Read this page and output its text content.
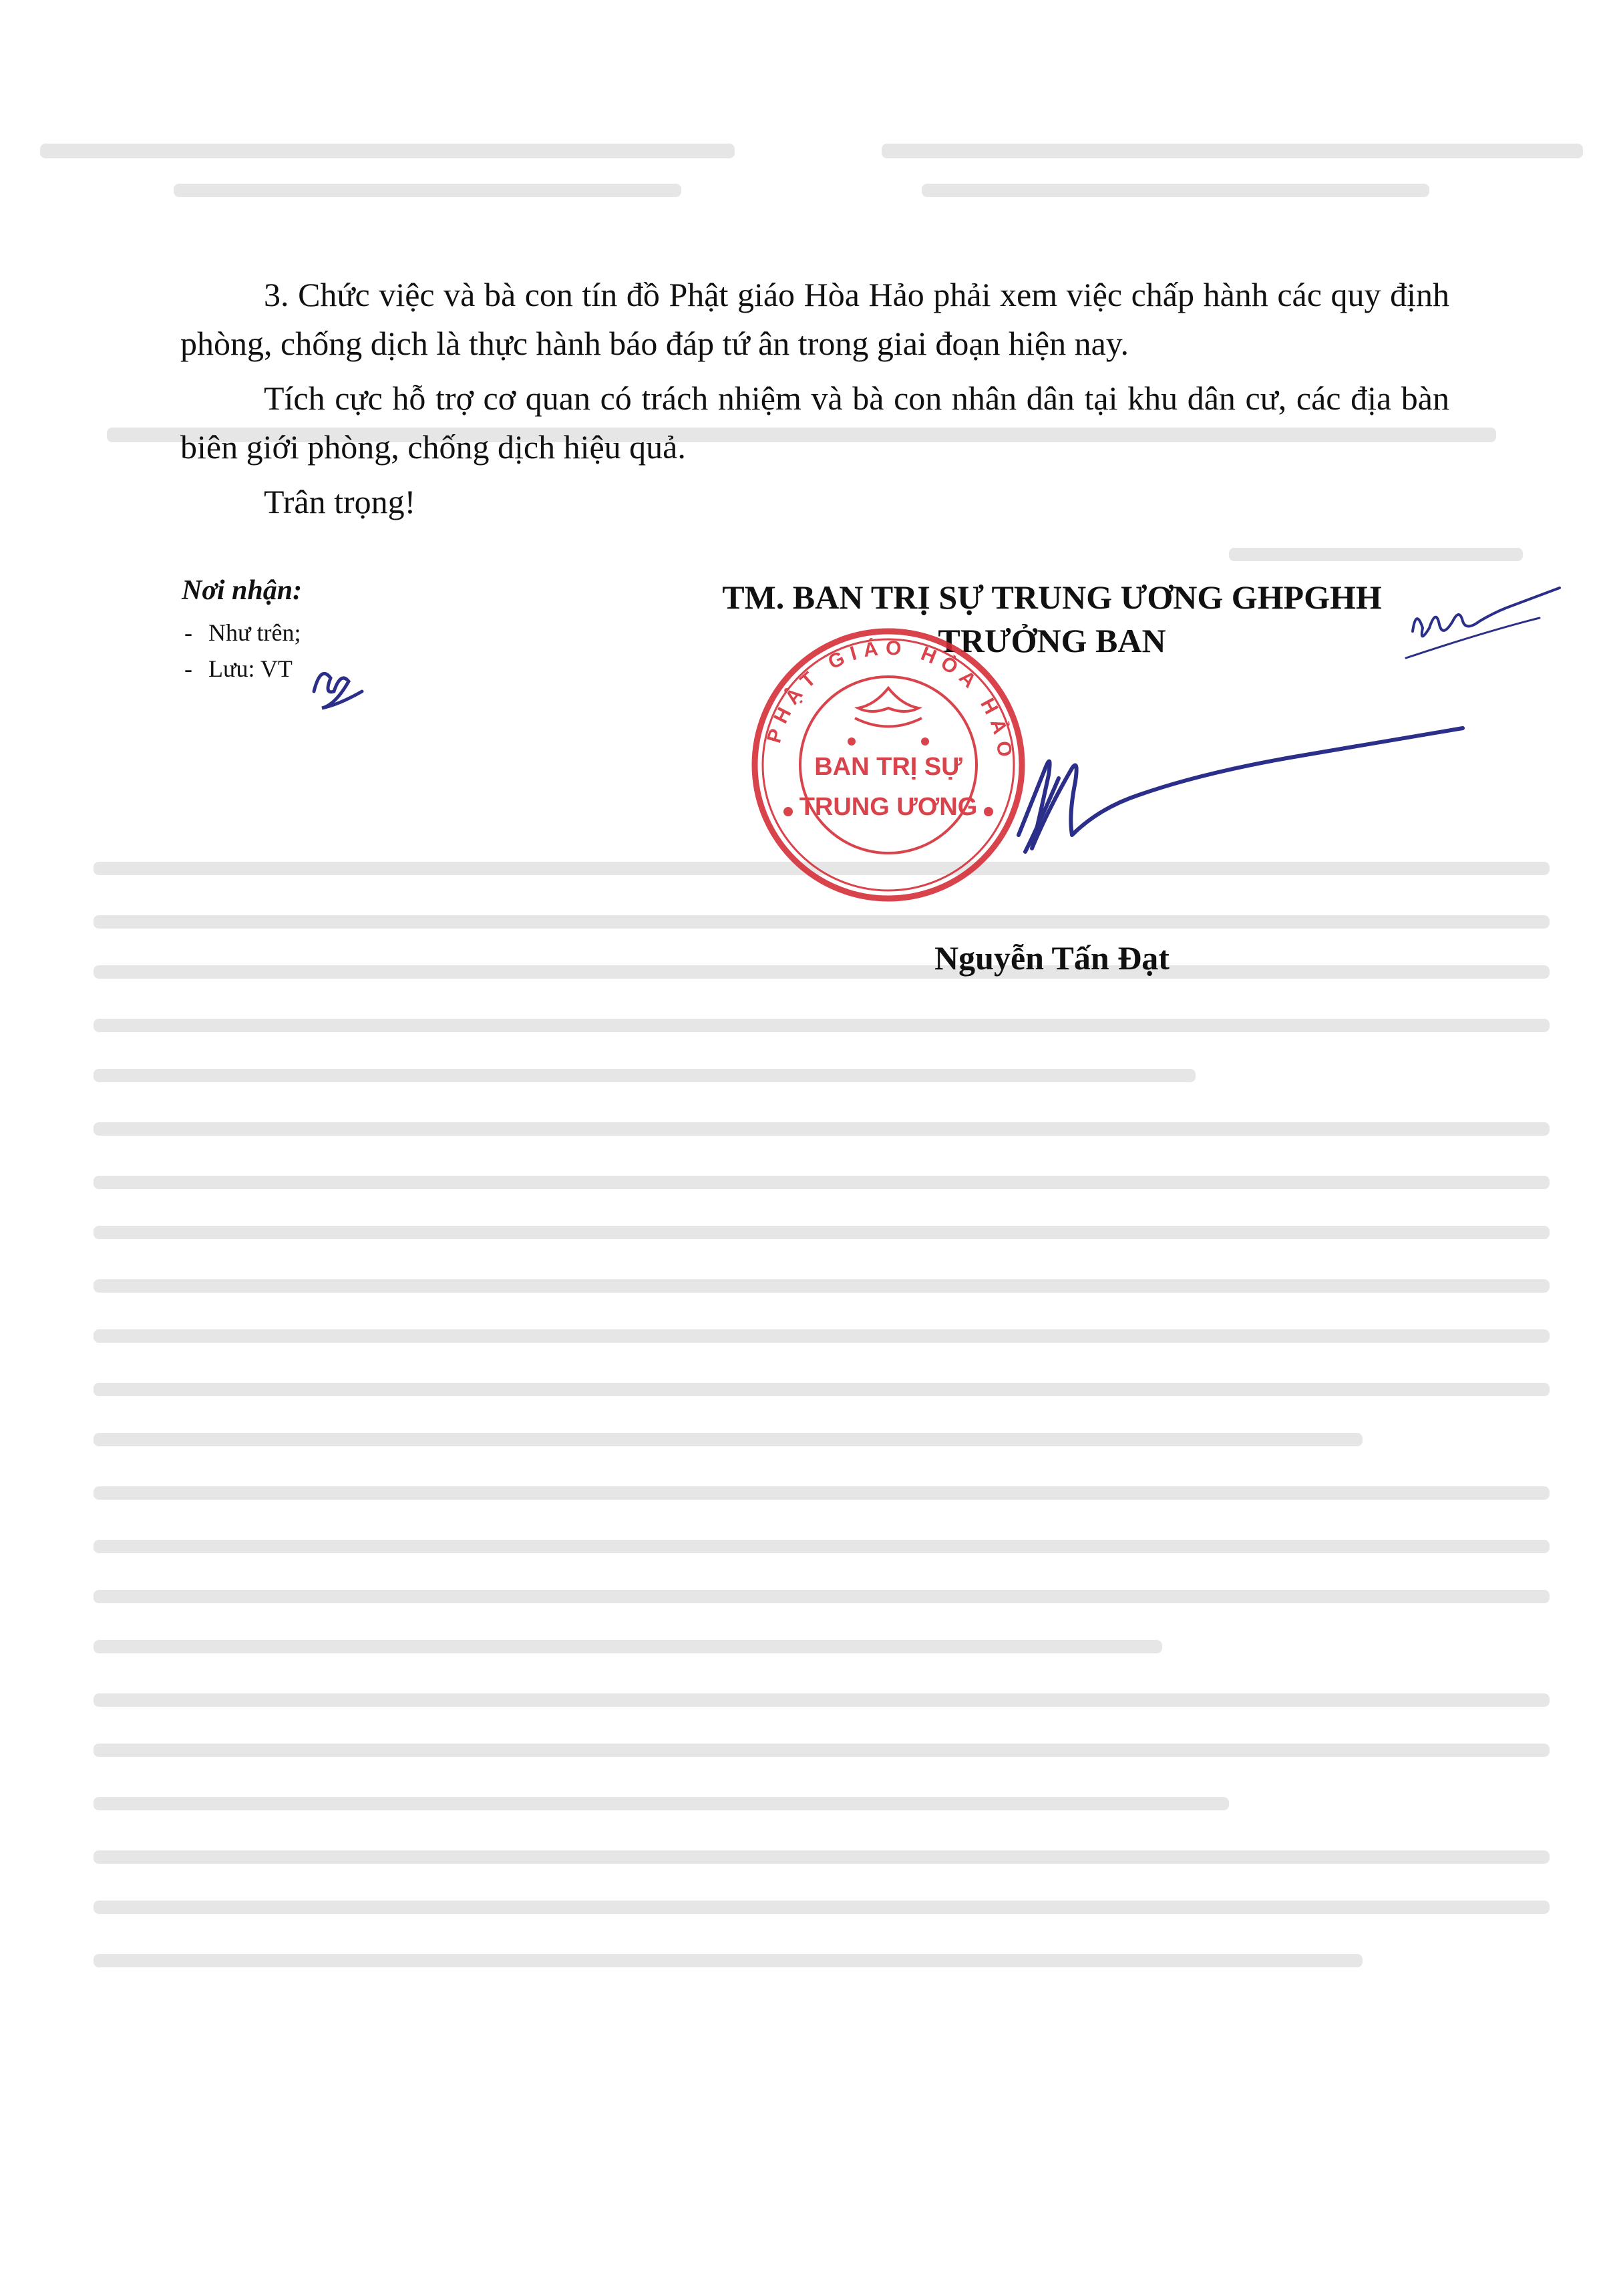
3. Chức việc và bà con tín đồ Phật giáo Hòa Hảo phải xem việc chấp hành các quy định phòng, chống dịch là thực hành báo đáp tứ ân trong giai đoạn hiện nay.
Tích cực hỗ trợ cơ quan có trách nhiệm và bà con nhân dân tại khu dân cư, các địa bàn biên giới phòng, chống dịch hiệu quả.
Trân trọng!
Nơi nhận:
- Như trên;
- Lưu: VT
TM. BAN TRỊ SỰ TRUNG ƯƠNG GHPGHH
TRƯỞNG BAN
PHẬT GIÁO HÒA HẢO
BAN TRỊ SỰ
TRUNG ƯƠNG
Nguyễn Tấn Đạt
